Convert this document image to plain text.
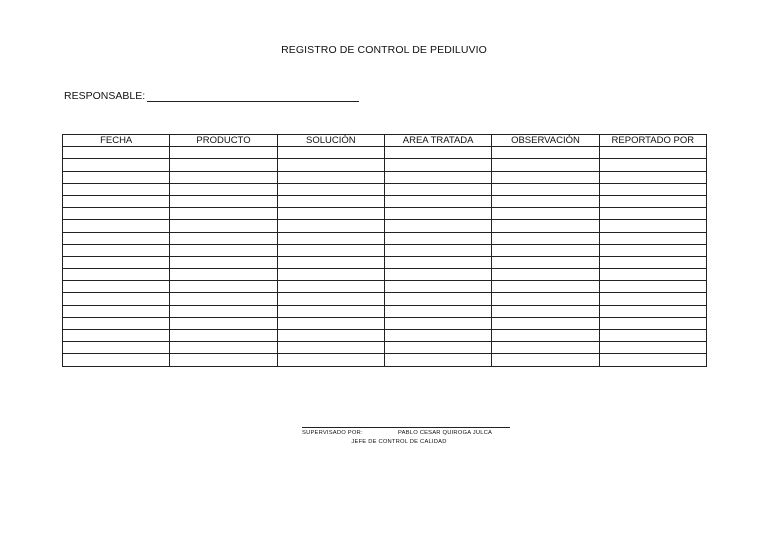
REGISTRO DE CONTROL DE PEDILUVIO
RESPONSABLE:
FECHA	PRODUCTO	SOLUCIÓN	AREA TRATADA	OBSERVACIÓN	REPORTADO POR

SUPERVISADO POR:	PABLO CESAR QUIROGA JULCA
JEFE DE CONTROL DE CALIDAD
